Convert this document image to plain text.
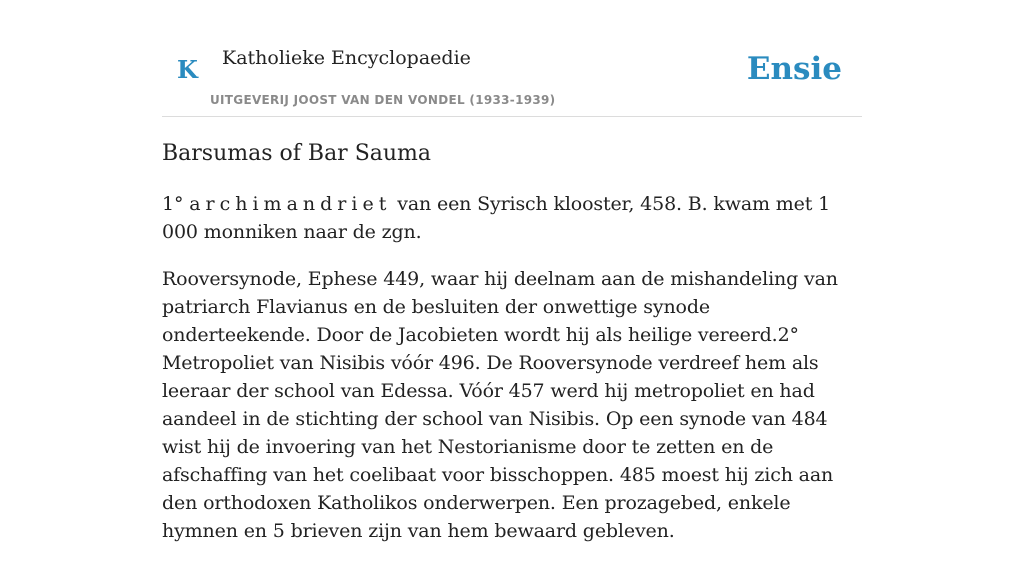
K Katholieke Encyclopaedie
UITGEVERIJ JOOST VAN DEN VONDEL (1933-1939)
Ensie
Barsumas of Bar Sauma

1° archimandriet van een Syrisch klooster, 458. B. kwam met 1 000 monniken naar de zgn.

Rooversynode, Ephese 449, waar hij deelnam aan de mishandeling van patriarch Flavianus en de besluiten der onwettige synode onderteekende. Door de Jacobieten wordt hij als heilige vereerd.2° Metropoliet van Nisibis vóór 496. De Rooversynode verdreef hem als leeraar der school van Edessa. Vóór 457 werd hij metropoliet en had aandeel in de stichting der school van Nisibis. Op een synode van 484 wist hij de invoering van het Nestorianisme door te zetten en de afschaffing van het coelibaat voor bisschoppen. 485 moest hij zich aan den orthodoxen Katholikos onderwerpen. Een prozagebed, enkele hymnen en 5 brieven zijn van hem bewaard gebleven.
